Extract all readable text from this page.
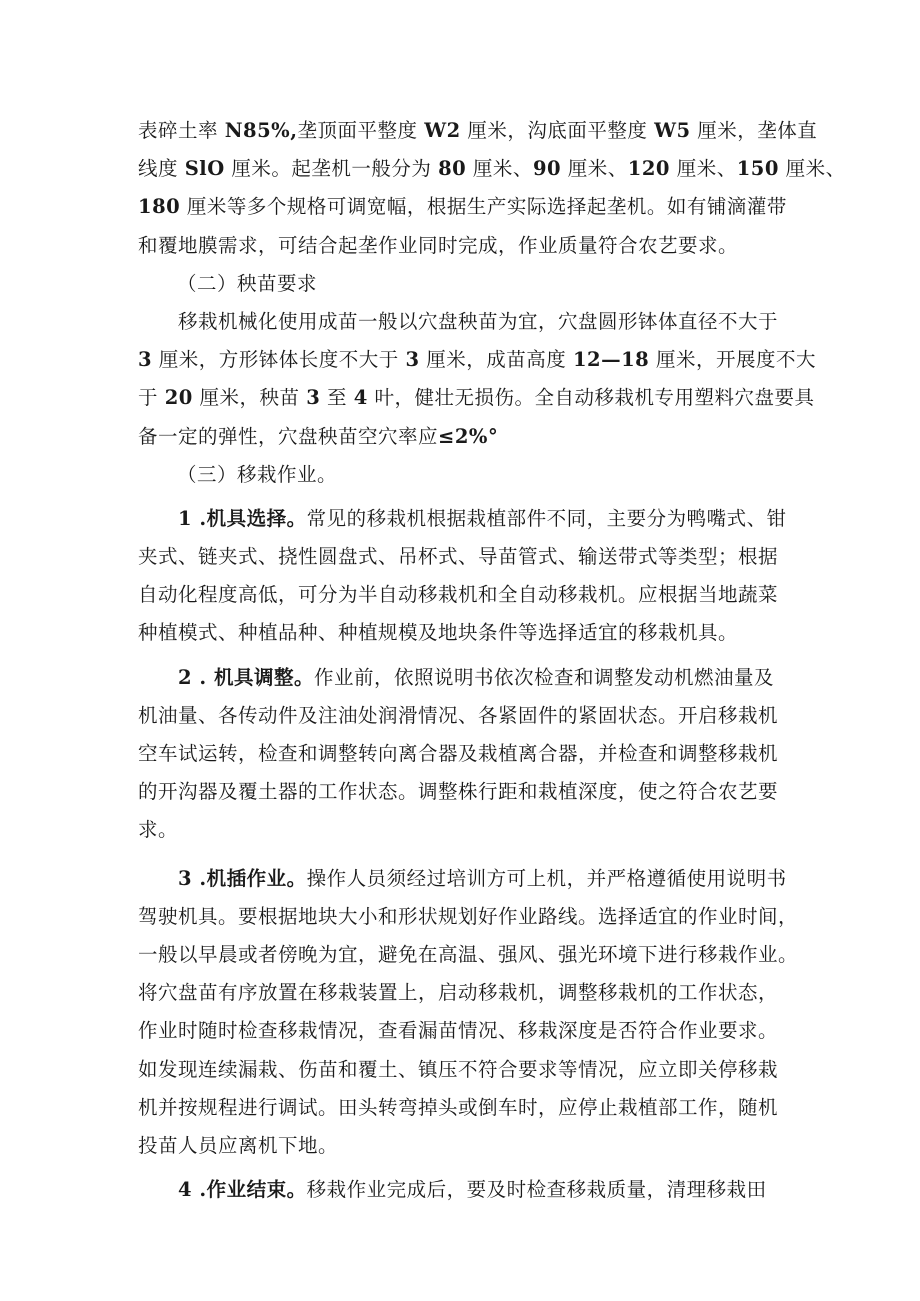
表碎土率 N85%,垄顶面平整度 W2 厘米，沟底面平整度 W5 厘米，垄体直
线度 SlO 厘米。起垄机一般分为 80 厘米、90 厘米、120 厘米、150 厘米、
180 厘米等多个规格可调宽幅，根据生产实际选择起垄机。如有铺滴灌带
和覆地膜需求，可结合起垄作业同时完成，作业质量符合农艺要求。
（二）秧苗要求
　　移栽机械化使用成苗一般以穴盘秧苗为宜，穴盘圆形钵体直径不大于
3 厘米，方形钵体长度不大于 3 厘米，成苗高度 12—18 厘米，开展度不大
于 20 厘米，秧苗 3 至 4 叶，健壮无损伤。全自动移栽机专用塑料穴盘要具
备一定的弹性，穴盘秧苗空穴率应≤2%°
（三）移栽作业。
　　1 .机具选择。常见的移栽机根据栽植部件不同，主要分为鸭嘴式、钳
夹式、链夹式、挠性圆盘式、吊杯式、导苗管式、输送带式等类型；根据
自动化程度高低，可分为半自动移栽机和全自动移栽机。应根据当地蔬菜
种植模式、种植品种、种植规模及地块条件等选择适宜的移栽机具。
　　2 . 机具调整。作业前，依照说明书依次检查和调整发动机燃油量及
机油量、各传动件及注油处润滑情况、各紧固件的紧固状态。开启移栽机
空车试运转，检查和调整转向离合器及栽植离合器，并检查和调整移栽机
的开沟器及覆土器的工作状态。调整株行距和栽植深度，使之符合农艺要
求。
　　3 .机插作业。操作人员须经过培训方可上机，并严格遵循使用说明书
驾驶机具。要根据地块大小和形状规划好作业路线。选择适宜的作业时间，
一般以早晨或者傍晚为宜，避免在高温、强风、强光环境下进行移栽作业。
将穴盘苗有序放置在移栽装置上，启动移栽机，调整移栽机的工作状态，
作业时随时检查移栽情况，查看漏苗情况、移栽深度是否符合作业要求。
如发现连续漏栽、伤苗和覆土、镇压不符合要求等情况，应立即关停移栽
机并按规程进行调试。田头转弯掉头或倒车时，应停止栽植部工作，随机
投苗人员应离机下地。
　　4 .作业结束。移栽作业完成后，要及时检查移栽质量，清理移栽田
